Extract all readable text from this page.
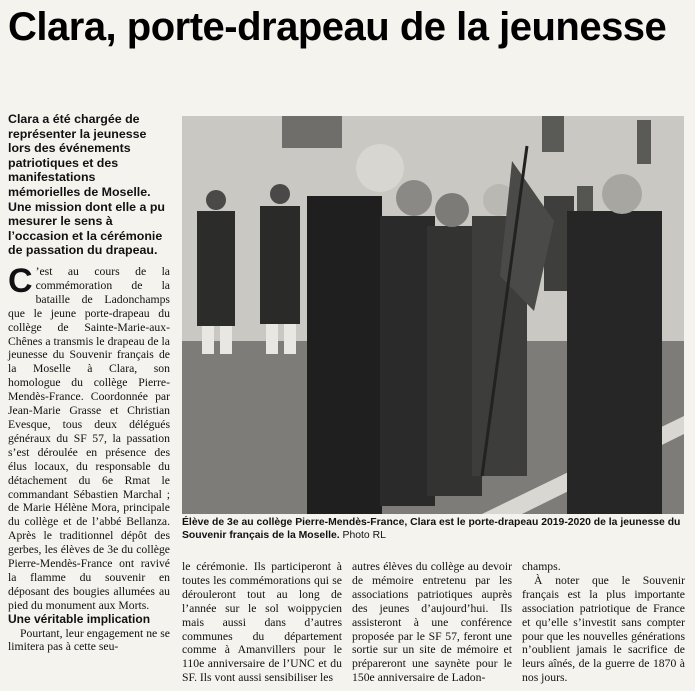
Clara, porte-drapeau de la jeunesse

Clara a été chargée de représenter la jeunesse lors des événements patriotiques et des manifestations mémorielles de Moselle. Une mission dont elle a pu mesurer le sens à l’occasion et la cérémonie de passation du drapeau.

C ’est au cours de la commémoration de la bataille de Ladonchamps que le jeune porte-drapeau du collège de Sainte-Marie-aux-Chênes a transmis le drapeau de la jeunesse du Souvenir français de la Moselle à Clara, son homologue du collège Pierre-Mendès-France. Coordonnée par Jean-Marie Grasse et Christian Evesque, tous deux délégués généraux du SF 57, la passation s’est déroulée en présence des élus locaux, du responsable du détachement du 6e Rmat le commandant Sébastien Marchal ; de Marie Hélène Mora, principale du collège et de l’abbé Bellanza. Après le traditionnel dépôt des gerbes, les élèves de 3e du collège Pierre-Mendès-France ont ravivé la flamme du souvenir en déposant des bougies allumées au pied du monument aux Morts.

Une véritable implication

Pourtant, leur engagement ne se limitera pas à cette seu-

Élève de 3e au collège Pierre-Mendès-France, Clara est le porte-drapeau 2019-2020 de la jeunesse du Souvenir français de la Moselle. Photo RL

le cérémonie. Ils participeront à toutes les commémorations qui se dérouleront tout au long de l’année sur le sol woippycien mais aussi dans d’autres communes du département comme à Amanvillers pour le 110e anniversaire de l’UNC et du SF. Ils vont aussi sensibiliser les

autres élèves du collège au devoir de mémoire entretenu par les associations patriotiques auprès des jeunes d’aujourd’hui. Ils assisteront à une conférence proposée par le SF 57, feront une sortie sur un site de mémoire et prépareront une saynète pour le 150e anniversaire de Ladon-

champs.

À noter que le Souvenir français est la plus importante association patriotique de France et qu’elle s’investit sans compter pour que les nouvelles générations n’oublient jamais le sacrifice de leurs aînés, de la guerre de 1870 à nos jours.
